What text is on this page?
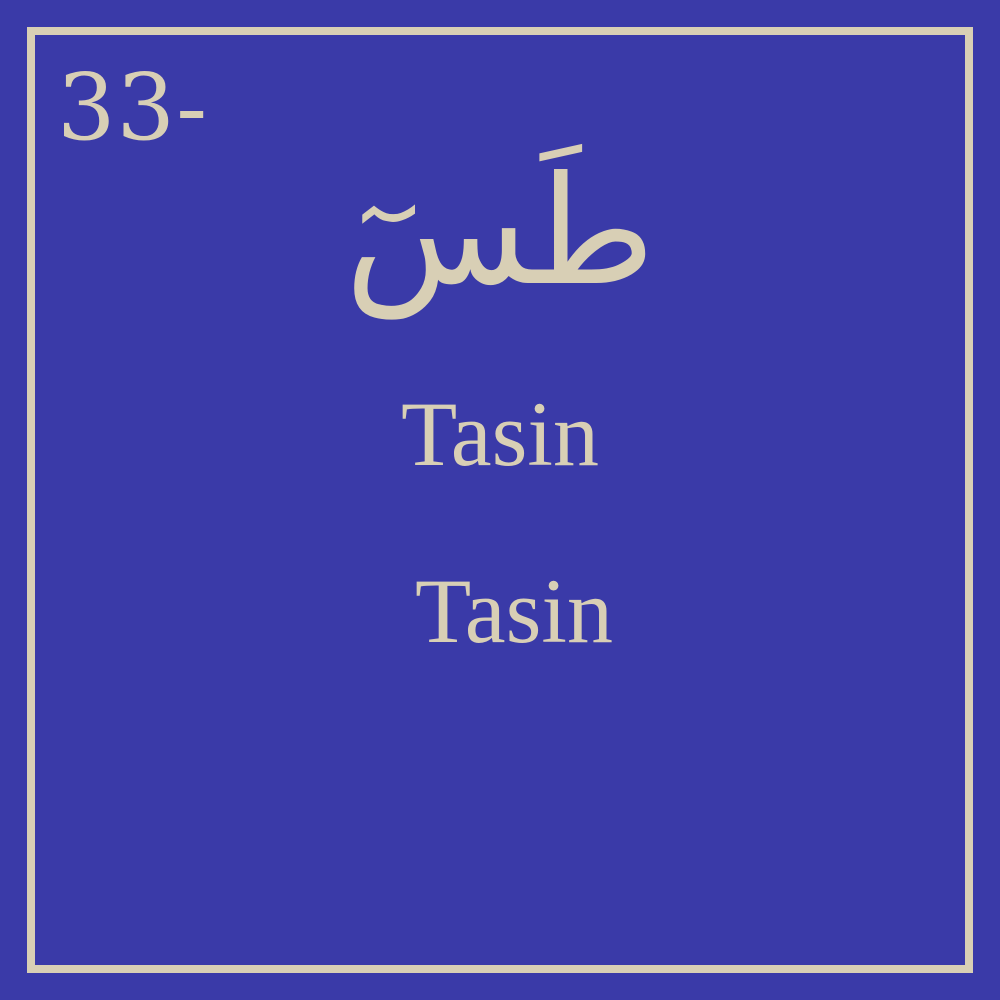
33-
طَسٓ
Tasin
Tasin
